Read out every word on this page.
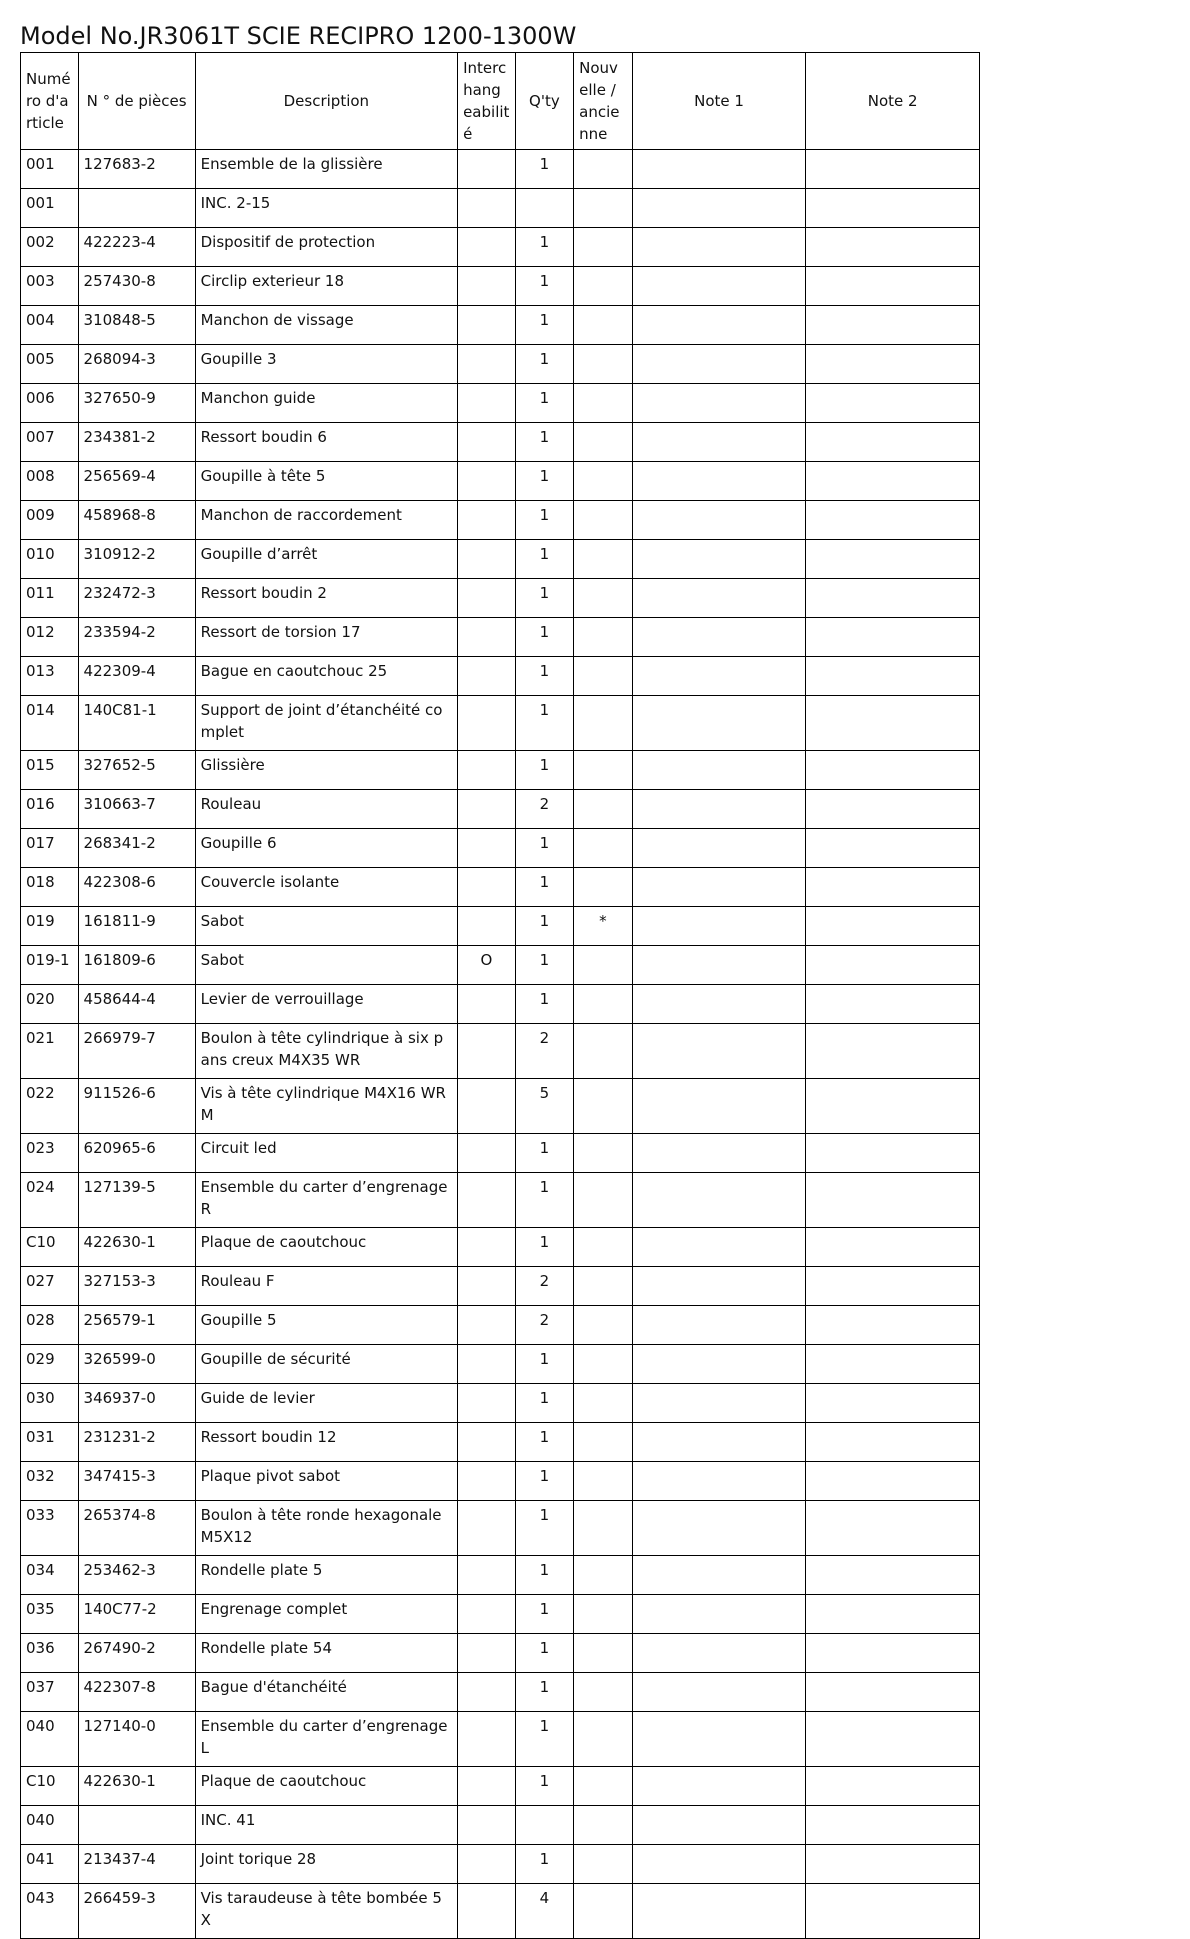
Model No.JR3061T SCIE RECIPRO 1200-1300W
Numéro d'article	N ° de pièces	Description	Interchangeabilité	Q'ty	Nouvelle / ancienne	Note 1	Note 2
001	127683-2	Ensemble de la glissière		1			
001		INC. 2-15					
002	422223-4	Dispositif de protection		1			
003	257430-8	Circlip exterieur 18		1			
004	310848-5	Manchon de vissage		1			
005	268094-3	Goupille 3		1			
006	327650-9	Manchon guide		1			
007	234381-2	Ressort boudin 6		1			
008	256569-4	Goupille à tête 5		1			
009	458968-8	Manchon de raccordement		1			
010	310912-2	Goupille d’arrêt		1			
011	232472-3	Ressort boudin 2		1			
012	233594-2	Ressort de torsion 17		1			
013	422309-4	Bague en caoutchouc 25		1			
014	140C81-1	Support de joint d’étanchéité complet		1			
015	327652-5	Glissière		1			
016	310663-7	Rouleau		2			
017	268341-2	Goupille 6		1			
018	422308-6	Couvercle isolante		1			
019	161811-9	Sabot		1	*		
019-1	161809-6	Sabot	O	1			
020	458644-4	Levier de verrouillage		1			
021	266979-7	Boulon à tête cylindrique à six pans creux M4X35 WR		2			
022	911526-6	Vis à tête cylindrique M4X16 WRM		5			
023	620965-6	Circuit led		1			
024	127139-5	Ensemble du carter d’engrenage R		1			
C10	422630-1	Plaque de caoutchouc		1			
027	327153-3	Rouleau F		2			
028	256579-1	Goupille 5		2			
029	326599-0	Goupille de sécurité		1			
030	346937-0	Guide de levier		1			
031	231231-2	Ressort boudin 12		1			
032	347415-3	Plaque pivot sabot		1			
033	265374-8	Boulon à tête ronde hexagonale M5X12		1			
034	253462-3	Rondelle plate 5		1			
035	140C77-2	Engrenage complet		1			
036	267490-2	Rondelle plate 54		1			
037	422307-8	Bague d'étanchéité		1			
040	127140-0	Ensemble du carter d’engrenage L		1			
C10	422630-1	Plaque de caoutchouc		1			
040		INC. 41					
041	213437-4	Joint torique 28		1			
043	266459-3	Vis taraudeuse à tête bombée 5X		4			
